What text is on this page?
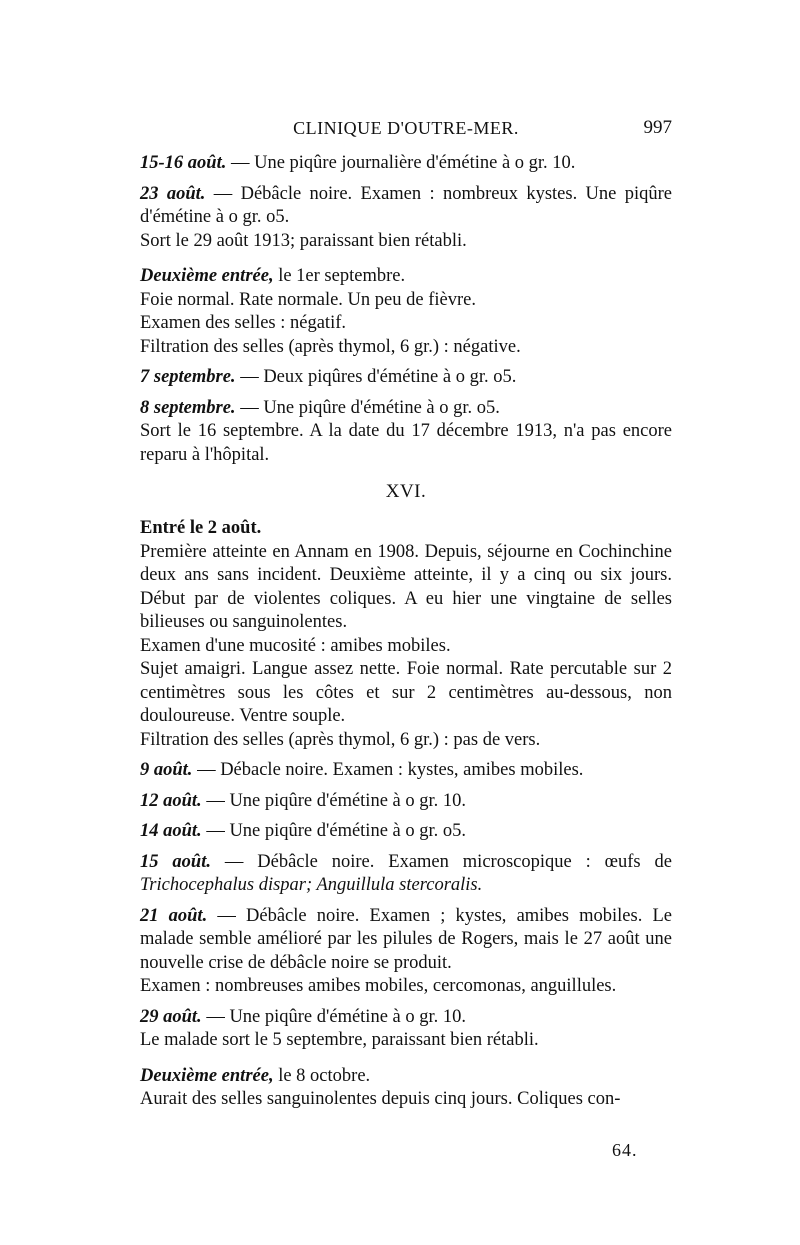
CLINIQUE D'OUTRE-MER.	997

15-16 août. — Une piqûre journalière d'émétine à o gr. 10.

23 août. — Débâcle noire. Examen : nombreux kystes. Une piqûre d'émétine à o gr. o5.

Sort le 29 août 1913; paraissant bien rétabli.

Deuxième entrée, le 1er septembre.

Foie normal. Rate normale. Un peu de fièvre.

Examen des selles : négatif.

Filtration des selles (après thymol, 6 gr.) : négative.

7 septembre. — Deux piqûres d'émétine à o gr. o5.

8 septembre. — Une piqûre d'émétine à o gr. o5.

Sort le 16 septembre. A la date du 17 décembre 1913, n'a pas encore reparu à l'hôpital.

XVI.

Entré le 2 août.

Première atteinte en Annam en 1908. Depuis, séjourne en Cochinchine deux ans sans incident. Deuxième atteinte, il y a cinq ou six jours. Début par de violentes coliques. A eu hier une vingtaine de selles bilieuses ou sanguinolentes.

Examen d'une mucosité : amibes mobiles.

Sujet amaigri. Langue assez nette. Foie normal. Rate percutable sur 2 centimètres sous les côtes et sur 2 centimètres au-dessous, non douloureuse. Ventre souple.

Filtration des selles (après thymol, 6 gr.) : pas de vers.

9 août. — Débacle noire. Examen : kystes, amibes mobiles.

12 août. — Une piqûre d'émétine à o gr. 10.

14 août. — Une piqûre d'émétine à o gr. o5.

15 août. — Débâcle noire. Examen microscopique : œufs de Trichocephalus dispar; Anguillula stercoralis.

21 août. — Débâcle noire. Examen ; kystes, amibes mobiles. Le malade semble amélioré par les pilules de Rogers, mais le 27 août une nouvelle crise de débâcle noire se produit.

Examen : nombreuses amibes mobiles, cercomonas, anguillules.

29 août. — Une piqûre d'émétine à o gr. 10.

Le malade sort le 5 septembre, paraissant bien rétabli.

Deuxième entrée, le 8 octobre.

Aurait des selles sanguinolentes depuis cinq jours. Coliques con-

64.
